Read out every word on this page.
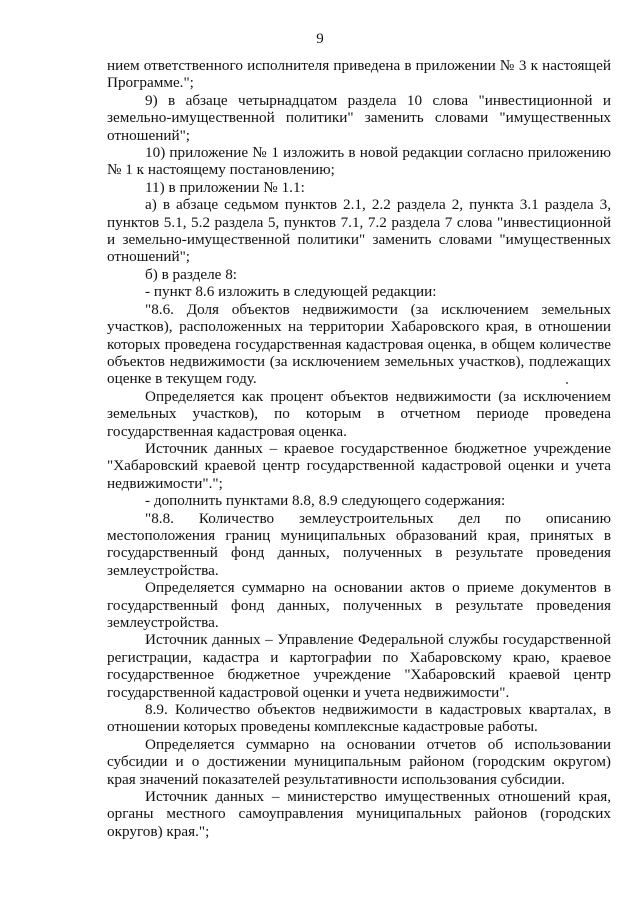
9

нием ответственного исполнителя приведена в приложении № 3 к настоящей Программе.";

9) в абзаце четырнадцатом раздела 10 слова "инвестиционной и земельно-имущественной политики" заменить словами "имущественных отношений";

10) приложение № 1 изложить в новой редакции согласно приложению № 1 к настоящему постановлению;

11) в приложении № 1.1:

а) в абзаце седьмом пунктов 2.1, 2.2 раздела 2, пункта 3.1 раздела 3, пунктов 5.1, 5.2 раздела 5, пунктов 7.1, 7.2 раздела 7 слова "инвестиционной и земельно-имущественной политики" заменить словами "имущественных отношений";

б) в разделе 8:

- пункт 8.6 изложить в следующей редакции:

"8.6. Доля объектов недвижимости (за исключением земельных участков), расположенных на территории Хабаровского края, в отношении которых проведена государственная кадастровая оценка, в общем количестве объектов недвижимости (за исключением земельных участков), подлежащих оценке в текущем году.

Определяется как процент объектов недвижимости (за исключением земельных участков), по которым в отчетном периоде проведена государственная кадастровая оценка.

Источник данных – краевое государственное бюджетное учреждение "Хабаровский краевой центр государственной кадастровой оценки и учета недвижимости".";

- дополнить пунктами 8.8, 8.9 следующего содержания:

"8.8. Количество землеустроительных дел по описанию местоположения границ муниципальных образований края, принятых в государственный фонд данных, полученных в результате проведения землеустройства.

Определяется суммарно на основании актов о приеме документов в государственный фонд данных, полученных в результате проведения землеустройства.

Источник данных – Управление Федеральной службы государственной регистрации, кадастра и картографии по Хабаровскому краю, краевое государственное бюджетное учреждение "Хабаровский краевой центр государственной кадастровой оценки и учета недвижимости".

8.9. Количество объектов недвижимости в кадастровых кварталах, в отношении которых проведены комплексные кадастровые работы.

Определяется суммарно на основании отчетов об использовании субсидии и о достижении муниципальным районом (городским округом) края значений показателей результативности использования субсидии.

Источник данных – министерство имущественных отношений края, органы местного самоуправления муниципальных районов (городских округов) края.";
